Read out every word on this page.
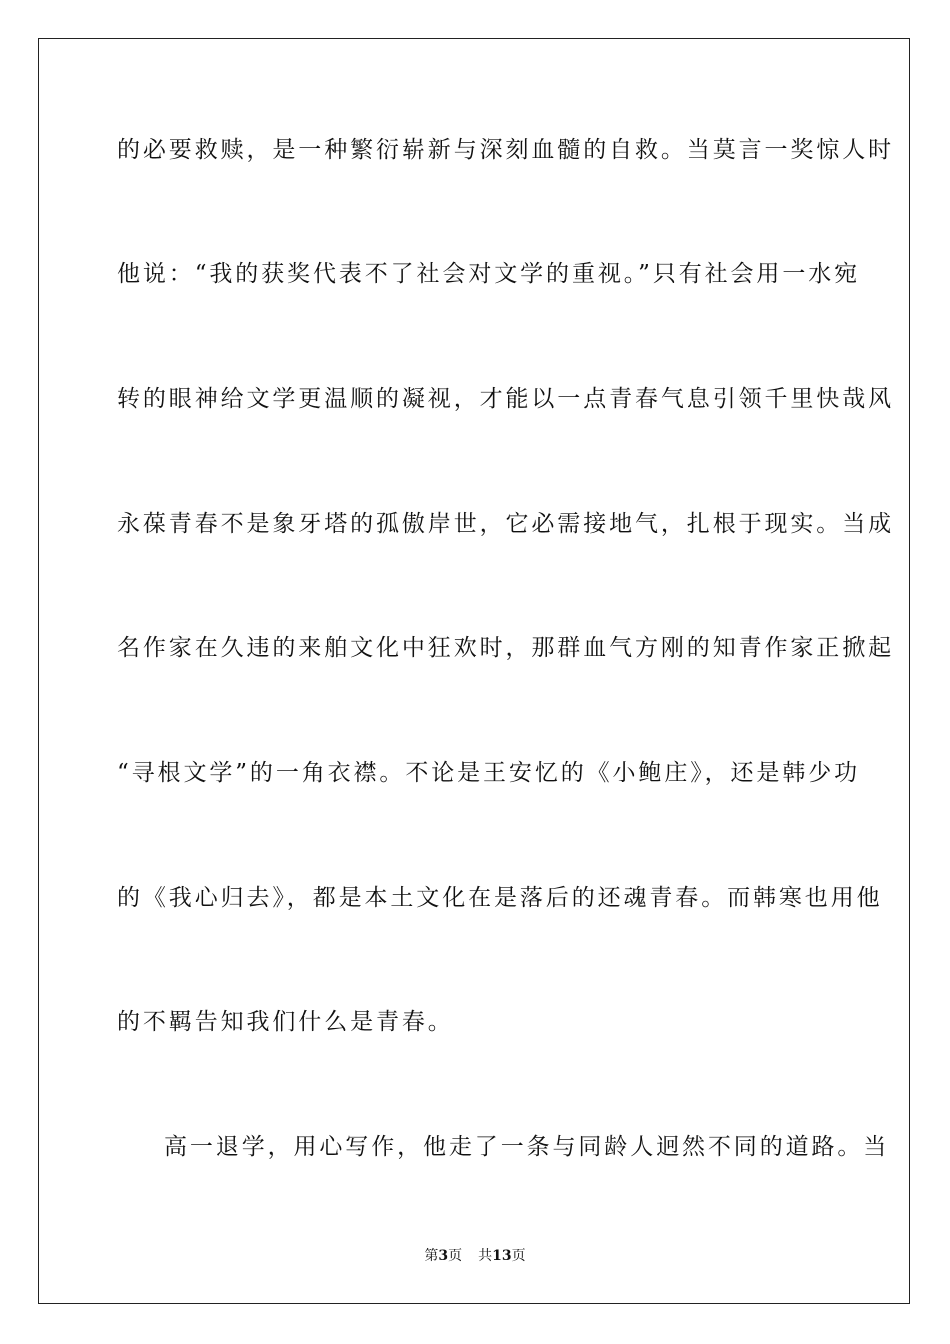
的必要救赎，是一种繁衍崭新与深刻血髓的自救。当莫言一奖惊人时
他说：“我的获奖代表不了社会对文学的重视。”只有社会用一水宛
转的眼神给文学更温顺的凝视，才能以一点青春气息引领千里快哉风
永葆青春不是象牙塔的孤傲岸世，它必需接地气，扎根于现实。当成
名作家在久违的来舶文化中狂欢时，那群血气方刚的知青作家正掀起
“寻根文学”的一角衣襟。不论是王安忆的《小鲍庄》，还是韩少功
的《我心归去》，都是本土文化在是落后的还魂青春。而韩寒也用他
的不羁告知我们什么是青春。
高一退学，用心写作，他走了一条与同龄人迥然不同的道路。当
第3页 共13页
